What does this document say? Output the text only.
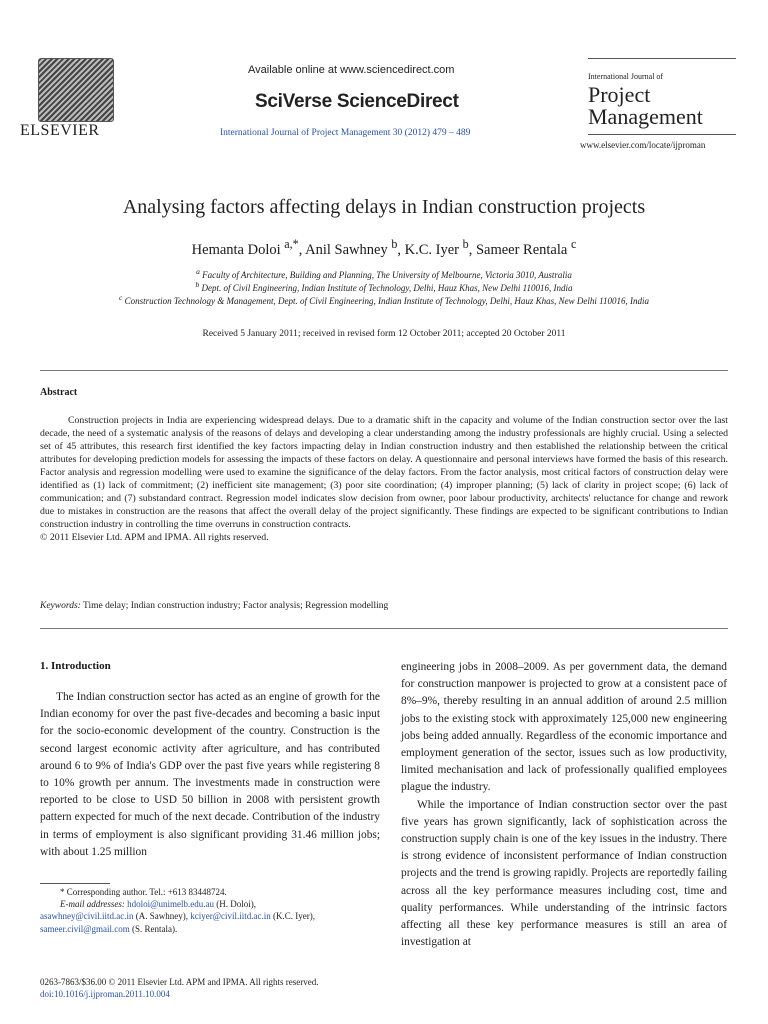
ELSEVIER
Available online at www.sciencedirect.com
SciVerse ScienceDirect
International Journal of Project Management 30 (2012) 479 – 489
International Journal of
Project
Management
www.elsevier.com/locate/ijproman
Analysing factors affecting delays in Indian construction projects
Hemanta Doloi $^{a,*}$, Anil Sawhney $^b$, K.C. Iyer $^b$, Sameer Rentala $^c$
$^a$ Faculty of Architecture, Building and Planning, The University of Melbourne, Victoria 3010, Australia
$^b$ Dept. of Civil Engineering, Indian Institute of Technology, Delhi, Hauz Khas, New Delhi 110016, India
$^c$ Construction Technology & Management, Dept. of Civil Engineering, Indian Institute of Technology, Delhi, Hauz Khas, New Delhi 110016, India
Received 5 January 2011; received in revised form 12 October 2011; accepted 20 October 2011
Abstract

Construction projects in India are experiencing widespread delays. Due to a dramatic shift in the capacity and volume of the Indian construction sector over the last decade, the need of a systematic analysis of the reasons of delays and developing a clear understanding among the industry professionals are highly crucial. Using a selected set of 45 attributes, this research first identified the key factors impacting delay in Indian construction industry and then established the relationship between the critical attributes for developing prediction models for assessing the impacts of these factors on delay. A questionnaire and personal interviews have formed the basis of this research. Factor analysis and regression modelling were used to examine the significance of the delay factors. From the factor analysis, most critical factors of construction delay were identified as (1) lack of commitment; (2) inefficient site management; (3) poor site coordination; (4) improper planning; (5) lack of clarity in project scope; (6) lack of communication; and (7) substandard contract. Regression model indicates slow decision from owner, poor labour productivity, architects' reluctance for change and rework due to mistakes in construction are the reasons that affect the overall delay of the project significantly. These findings are expected to be significant contributions to Indian construction industry in controlling the time overruns in construction contracts.

© 2011 Elsevier Ltd. APM and IPMA. All rights reserved.

Keywords: Time delay; Indian construction industry; Factor analysis; Regression modelling
1. Introduction

The Indian construction sector has acted as an engine of growth for the Indian economy for over the past five-decades and becoming a basic input for the socio-economic development of the country. Construction is the second largest economic activity after agriculture, and has contributed around 6 to 9% of India's GDP over the past five years while registering 8 to 10% growth per annum. The investments made in construction were reported to be close to USD 50 billion in 2008 with persistent growth pattern expected for much of the next decade. Contribution of the industry in terms of employment is also significant providing 31.46 million jobs; with about 1.25 million

engineering jobs in 2008–2009. As per government data, the demand for construction manpower is projected to grow at a consistent pace of 8%–9%, thereby resulting in an annual addition of around 2.5 million jobs to the existing stock with approximately 125,000 new engineering jobs being added annually. Regardless of the economic importance and employment generation of the sector, issues such as low productivity, limited mechanisation and lack of professionally qualified employees plague the industry.

While the importance of Indian construction sector over the past five years has grown significantly, lack of sophistication across the construction supply chain is one of the key issues in the industry. There is strong evidence of inconsistent performance of Indian construction projects and the trend is growing rapidly. Projects are reportedly failing across all the key performance measures including cost, time and quality performances. While understanding of the intrinsic factors affecting all these key performance measures is still an area of investigation at

* Corresponding author. Tel.: +613 83448724.
E-mail addresses: hdoloi@unimelb.edu.au (H. Doloi),
asawhney@civil.iitd.ac.in (A. Sawhney), kciyer@civil.iitd.ac.in (K.C. Iyer),
sameer.civil@gmail.com (S. Rentala).
0263-7863/$36.00 © 2011 Elsevier Ltd. APM and IPMA. All rights reserved.
doi:10.1016/j.ijproman.2011.10.004
